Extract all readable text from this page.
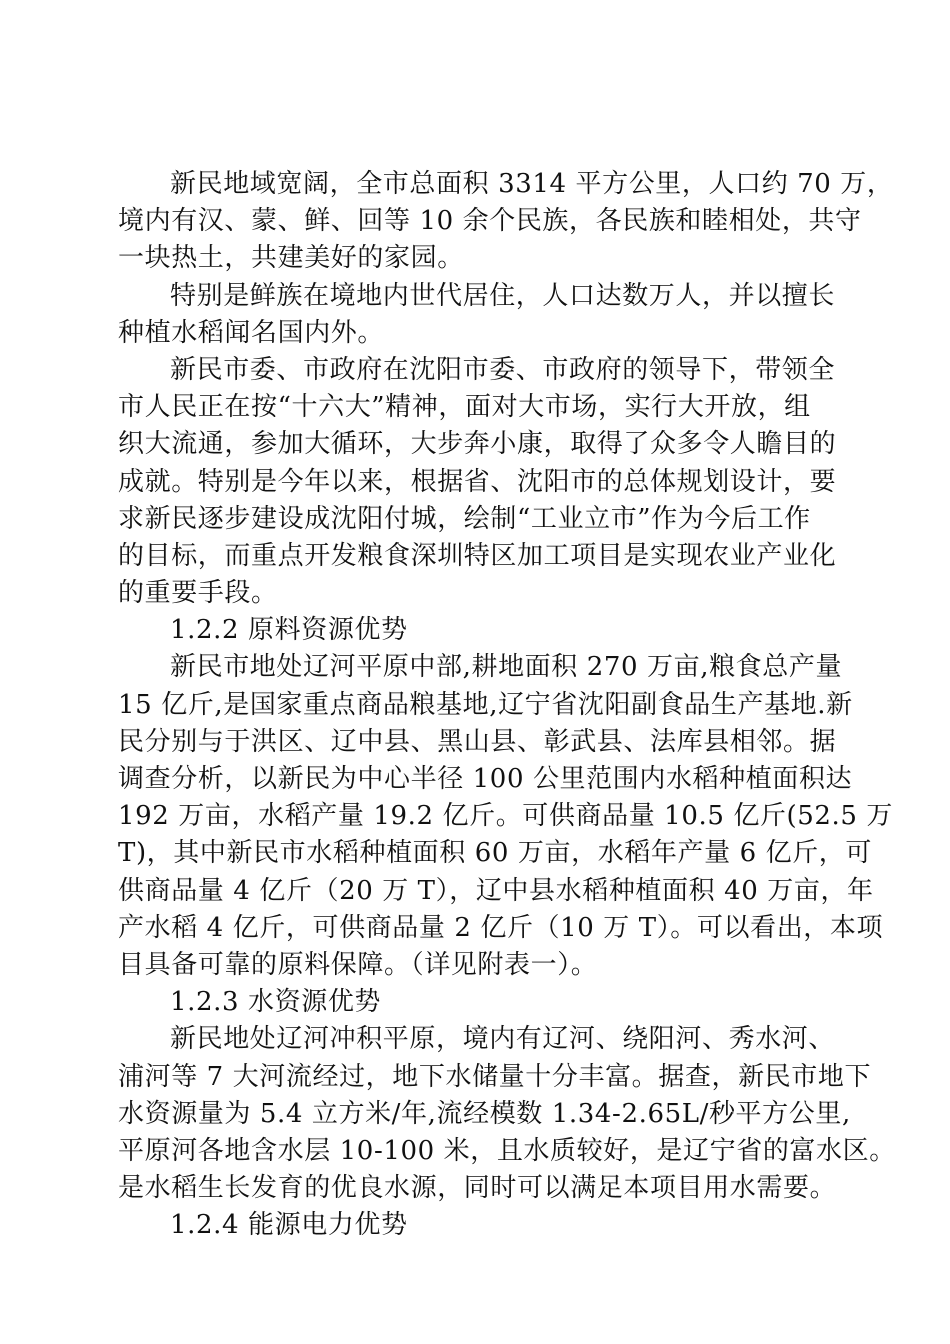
新民地域宽阔，全市总面积 3314 平方公里，人口约 70 万，
境内有汉、蒙、鲜、回等 10 余个民族，各民族和睦相处，共守
一块热土，共建美好的家园。
特别是鲜族在境地内世代居住，人口达数万人，并以擅长
种植水稻闻名国内外。
新民市委、市政府在沈阳市委、市政府的领导下，带领全
市人民正在按“十六大”精神，面对大市场，实行大开放，组
织大流通，参加大循环，大步奔小康，取得了众多令人瞻目的
成就。特别是今年以来，根据省、沈阳市的总体规划设计，要
求新民逐步建设成沈阳付城，绘制“工业立市”作为今后工作
的目标，而重点开发粮食深圳特区加工项目是实现农业产业化
的重要手段。
1.2.2 原料资源优势
新民市地处辽河平原中部,耕地面积 270 万亩,粮食总产量
15 亿斤,是国家重点商品粮基地,辽宁省沈阳副食品生产基地.新
民分别与于洪区、辽中县、黑山县、彰武县、法库县相邻。据
调查分析，以新民为中心半径 100 公里范围内水稻种植面积达
192 万亩，水稻产量 19.2 亿斤。可供商品量 10.5 亿斤(52.5 万
T)，其中新民市水稻种植面积 60 万亩，水稻年产量 6 亿斤，可
供商品量 4 亿斤（20 万 T），辽中县水稻种植面积 40 万亩，年
产水稻 4 亿斤，可供商品量 2 亿斤（10 万 T）。可以看出，本项
目具备可靠的原料保障。（详见附表一）。
1.2.3 水资源优势
新民地处辽河冲积平原，境内有辽河、绕阳河、秀水河、
浦河等 7 大河流经过，地下水储量十分丰富。据查，新民市地下
水资源量为 5.4 立方米/年,流经模数 1.34-2.65L/秒平方公里,
平原河各地含水层 10-100 米，且水质较好，是辽宁省的富水区。
是水稻生长发育的优良水源，同时可以满足本项目用水需要。
1.2.4 能源电力优势
